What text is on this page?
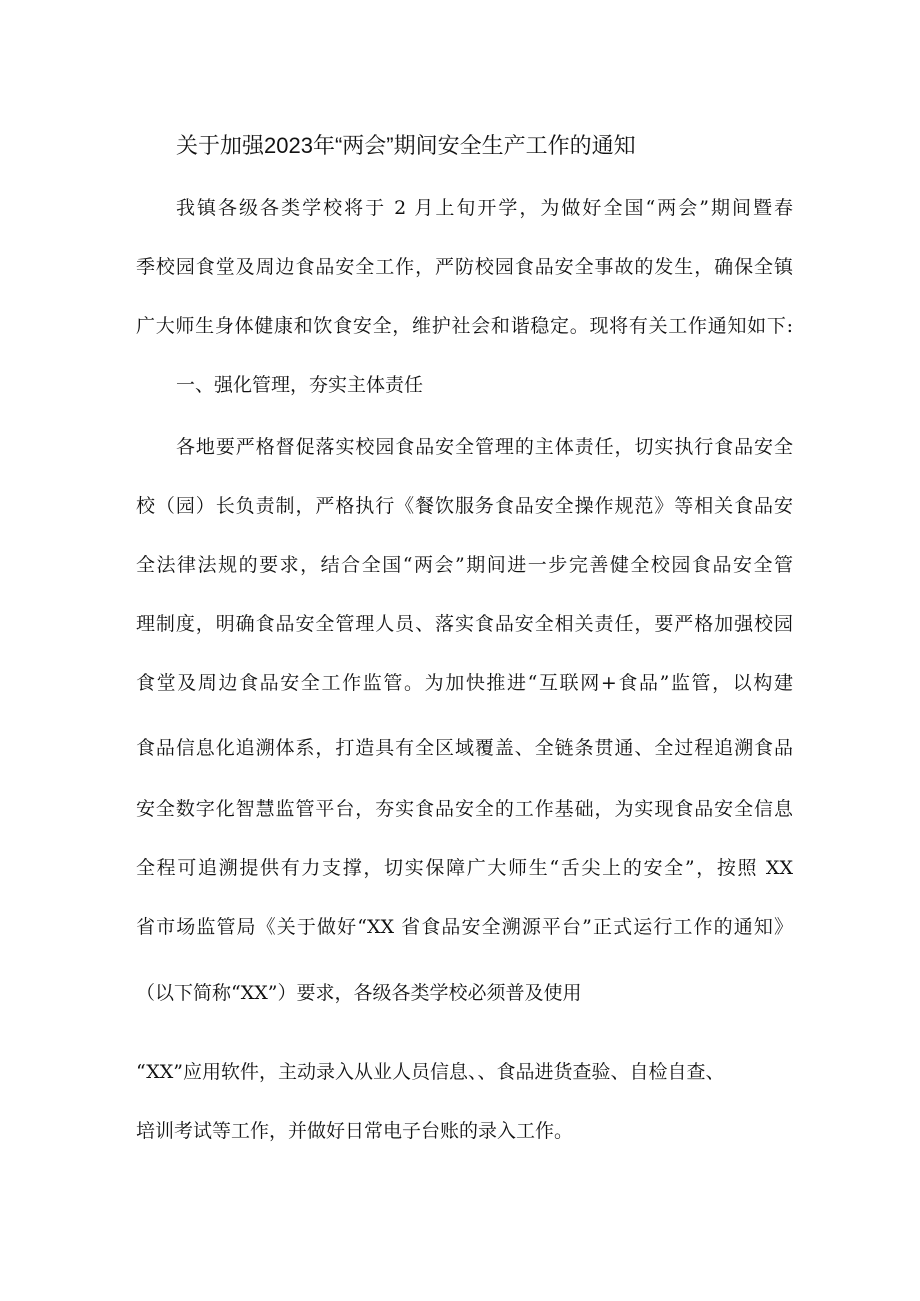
关于加强2023年“两会”期间安全生产工作的通知
我镇各级各类学校将于 2 月上旬开学，为做好全国“两会”期间暨春
季校园食堂及周边食品安全工作，严防校园食品安全事故的发生，确保全镇
广大师生身体健康和饮食安全，维护社会和谐稳定。现将有关工作通知如下:
一、强化管理，夯实主体责任
各地要严格督促落实校园食品安全管理的主体责任，切实执行食品安全
校（园）长负责制，严格执行《餐饮服务食品安全操作规范》等相关食品安
全法律法规的要求，结合全国“两会”期间进一步完善健全校园食品安全管
理制度，明确食品安全管理人员、落实食品安全相关责任，要严格加强校园
食堂及周边食品安全工作监管。为加快推进“互联网+食品”监管，以构建
食品信息化追溯体系，打造具有全区域覆盖、全链条贯通、全过程追溯食品
安全数字化智慧监管平台，夯实食品安全的工作基础，为实现食品安全信息
全程可追溯提供有力支撑，切实保障广大师生“舌尖上的安全”，按照 XX
省市场监管局《关于做好“XX 省食品安全溯源平台”正式运行工作的通知》
（以下简称“XX”）要求，各级各类学校必须普及使用
“XX”应用软件，主动录入从业人员信息、、食品进货查验、自检自查、
培训考试等工作，并做好日常电子台账的录入工作。
